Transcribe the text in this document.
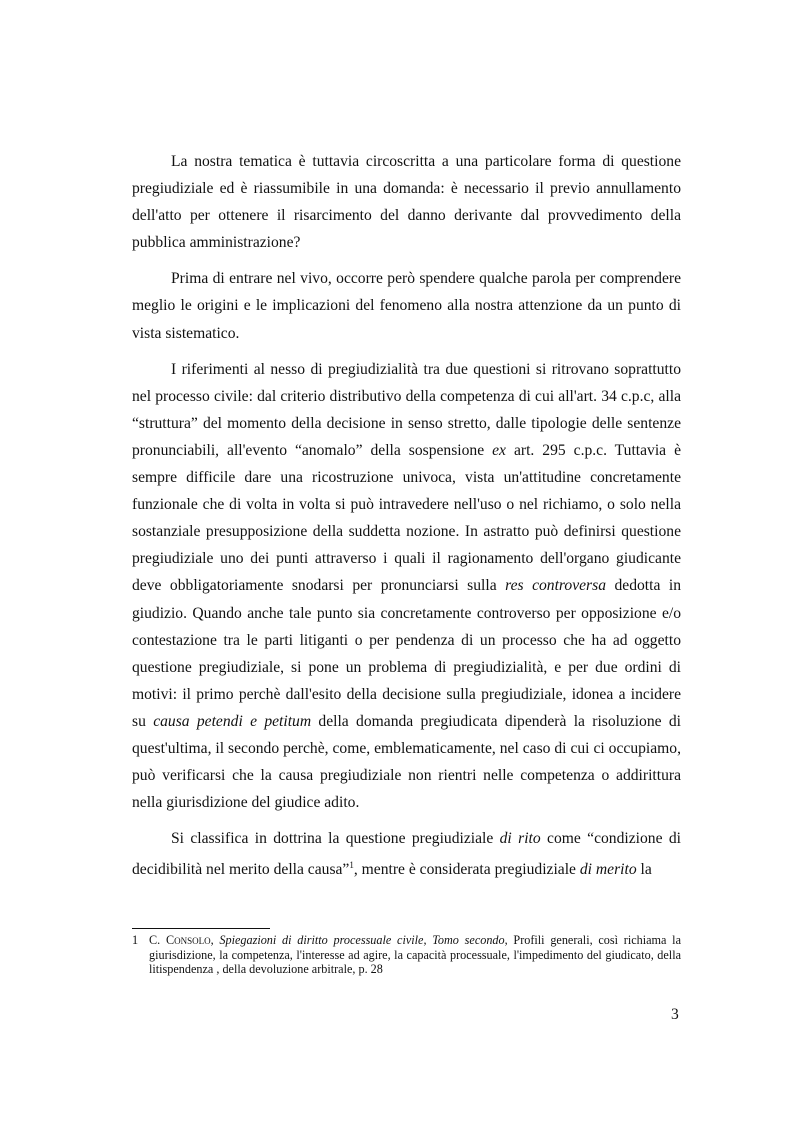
La nostra tematica è tuttavia circoscritta a una particolare forma di questione pregiudiziale ed è riassumibile in una domanda: è necessario il previo annullamento dell'atto per ottenere il risarcimento del danno derivante dal provvedimento della pubblica amministrazione?

Prima di entrare nel vivo, occorre però spendere qualche parola per comprendere meglio le origini e le implicazioni del fenomeno alla nostra attenzione da un punto di vista sistematico.

I riferimenti al nesso di pregiudizialità tra due questioni si ritrovano soprattutto nel processo civile: dal criterio distributivo della competenza di cui all'art. 34 c.p.c, alla “struttura” del momento della decisione in senso stretto, dalle tipologie delle sentenze pronunciabili, all'evento “anomalo” della sospensione ex art. 295 c.p.c. Tuttavia è sempre difficile dare una ricostruzione univoca, vista un'attitudine concretamente funzionale che di volta in volta si può intravedere nell'uso o nel richiamo, o solo nella sostanziale presupposizione della suddetta nozione. In astratto può definirsi questione pregiudiziale uno dei punti attraverso i quali il ragionamento dell'organo giudicante deve obbligatoriamente snodarsi per pronunciarsi sulla res controversa dedotta in giudizio. Quando anche tale punto sia concretamente controverso per opposizione e/o contestazione tra le parti litiganti o per pendenza di un processo che ha ad oggetto questione pregiudiziale, si pone un problema di pregiudizialità, e per due ordini di motivi: il primo perchè dall'esito della decisione sulla pregiudiziale, idonea a incidere su causa petendi e petitum della domanda pregiudicata dipenderà la risoluzione di quest'ultima, il secondo perchè, come, emblematicamente, nel caso di cui ci occupiamo, può verificarsi che la causa pregiudiziale non rientri nelle competenza o addirittura nella giurisdizione del giudice adito.

Si classifica in dottrina la questione pregiudiziale di rito come “condizione di decidibilità nel merito della causa”$^1$, mentre è considerata pregiudiziale di merito la

1 C. Consolo, Spiegazioni di diritto processuale civile, Tomo secondo, Profili generali, così richiama la giurisdizione, la competenza, l'interesse ad agire, la capacità processuale, l'impedimento del giudicato, della litispendenza , della devoluzione arbitrale, p. 28
3
